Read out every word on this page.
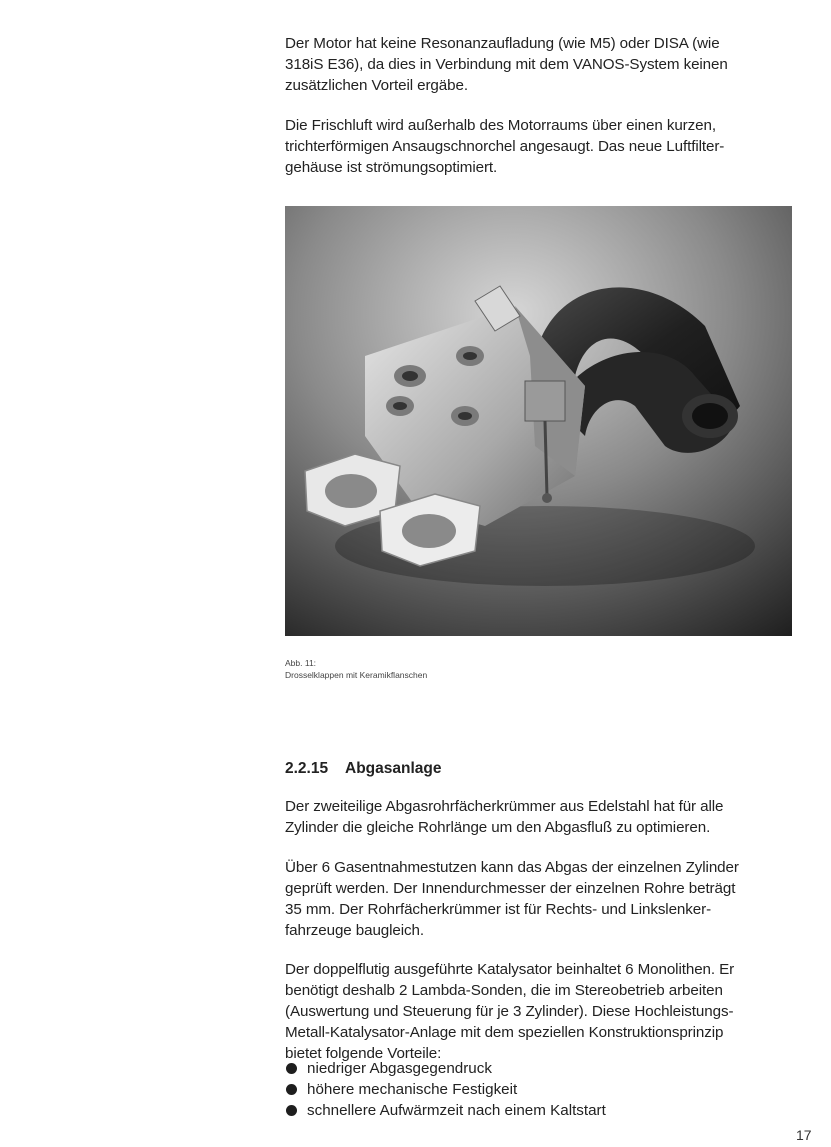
Der Motor hat keine Resonanzaufladung (wie M5) oder DISA (wie
318iS E36), da dies in Verbindung mit dem VANOS-System keinen
zusätzlichen Vorteil ergäbe.

Die Frischluft wird außerhalb des Motorraums über einen kurzen,
trichterförmigen Ansaugschnorchel angesaugt. Das neue Luftfilter-
gehäuse ist strömungsoptimiert.

Abb. 11:
Drosselklappen mit Keramikflanschen
2.2.15 Abgasanlage

Der zweiteilige Abgasrohrfächerkrümmer aus Edelstahl hat für alle
Zylinder die gleiche Rohrlänge um den Abgasfluß zu optimieren.

Über 6 Gasentnahmestutzen kann das Abgas der einzelnen Zylinder
geprüft werden. Der Innendurchmesser der einzelnen Rohre beträgt
35 mm. Der Rohrfächerkrümmer ist für Rechts- und Linkslenker-
fahrzeuge baugleich.

Der doppelflutig ausgeführte Katalysator beinhaltet 6 Monolithen. Er
benötigt deshalb 2 Lambda-Sonden, die im Stereobetrieb arbeiten
(Auswertung und Steuerung für je 3 Zylinder). Diese Hochleistungs-
Metall-Katalysator-Anlage mit dem speziellen Konstruktionsprinzip
bietet folgende Vorteile:

niedriger Abgasgegendruck
höhere mechanische Festigkeit
schnellere Aufwärmzeit nach einem Kaltstart
17
